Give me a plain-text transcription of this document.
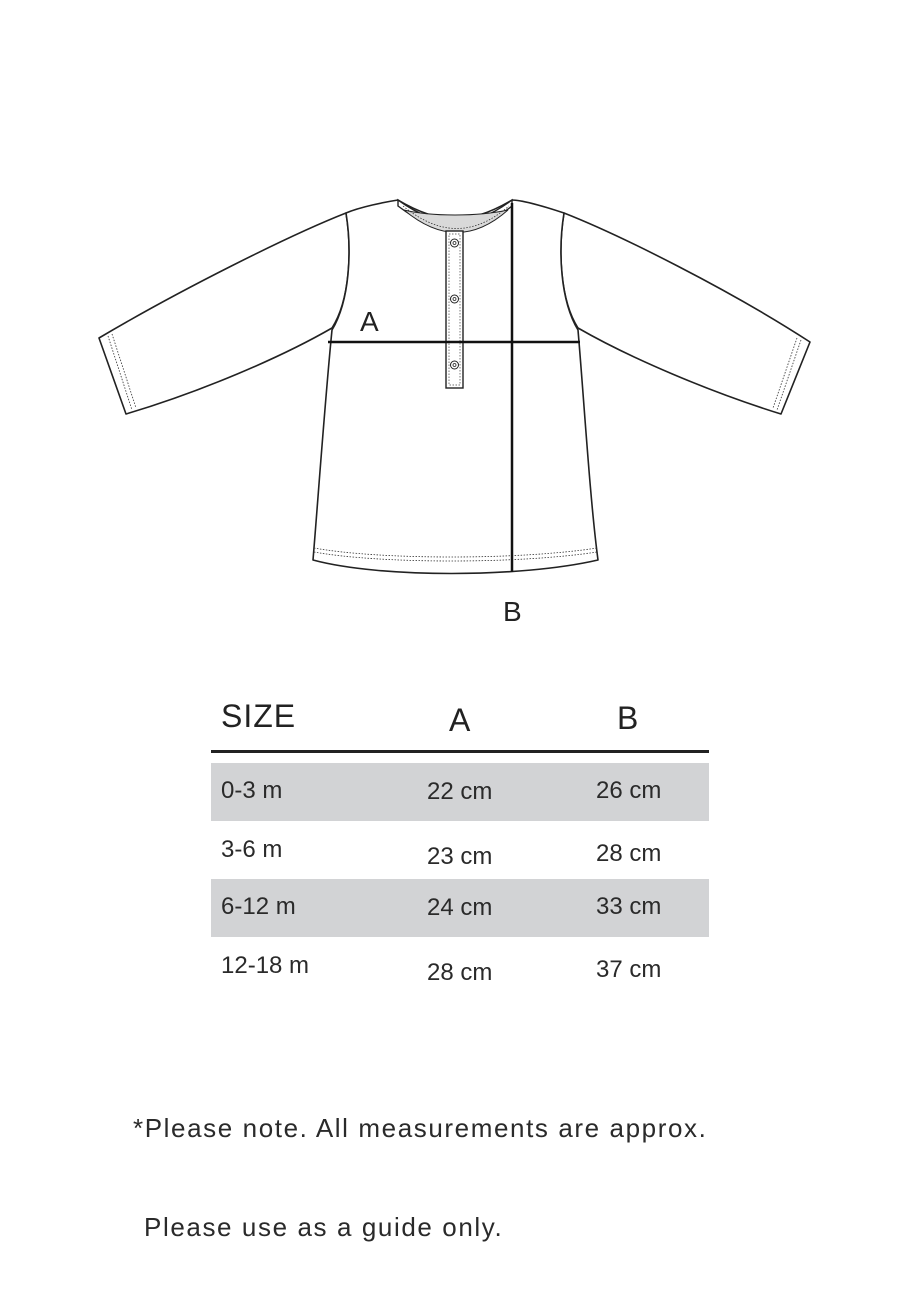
A
B
SIZE	A	B
0-3 m	22 cm	26 cm
3-6 m	23 cm	28 cm
6-12 m	24 cm	33 cm
12-18 m	28 cm	37 cm

*Please note. All measurements are approx.

Please use as a guide only.
